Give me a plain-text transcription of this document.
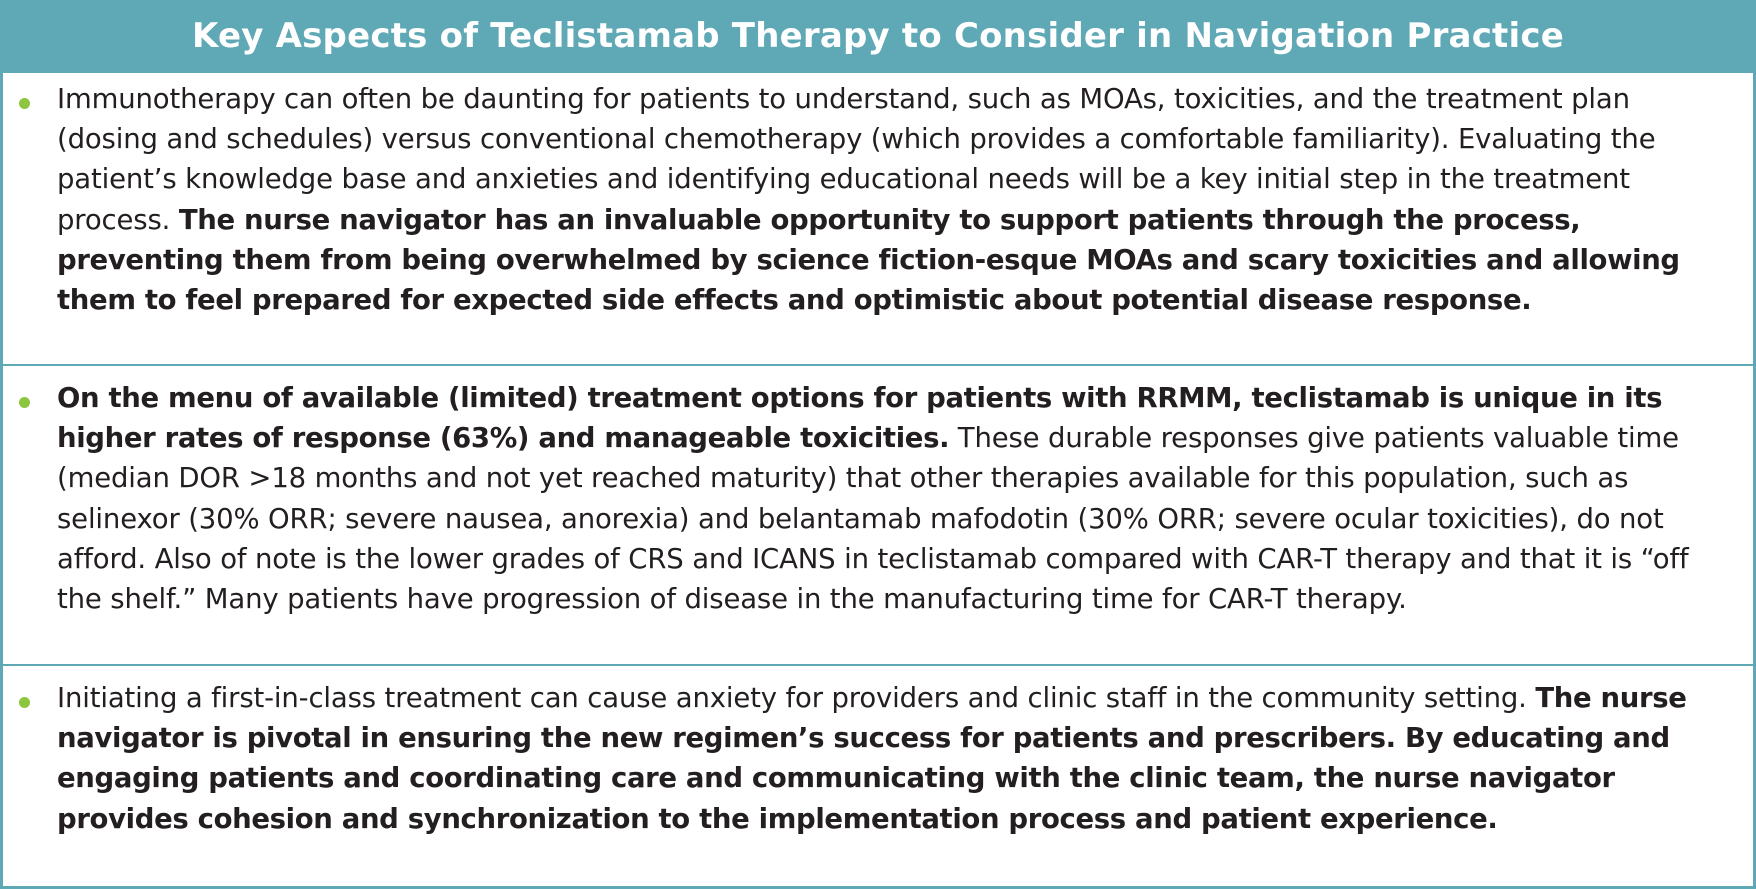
Key Aspects of Teclistamab Therapy to Consider in Navigation Practice
Immunotherapy can often be daunting for patients to understand, such as MOAs, toxicities, and the treatment plan (dosing and schedules) versus conventional chemotherapy (which provides a comfortable familiarity). Evaluating the patient’s knowledge base and anxieties and identifying educational needs will be a key initial step in the treatment process. The nurse navigator has an invaluable opportunity to support patients through the process, preventing them from being overwhelmed by science fiction-esque MOAs and scary toxicities and allowing them to feel prepared for expected side effects and optimistic about potential disease response.
On the menu of available (limited) treatment options for patients with RRMM, teclistamab is unique in its higher rates of response (63%) and manageable toxicities. These durable responses give patients valuable time (median DOR >18 months and not yet reached maturity) that other therapies available for this population, such as selinexor (30% ORR; severe nausea, anorexia) and belantamab mafodotin (30% ORR; severe ocular toxicities), do not afford. Also of note is the lower grades of CRS and ICANS in teclistamab compared with CAR-T therapy and that it is “off the shelf.” Many patients have progression of disease in the manufacturing time for CAR-T therapy.
Initiating a first-in-class treatment can cause anxiety for providers and clinic staff in the community setting. The nurse navigator is pivotal in ensuring the new regimen’s success for patients and prescribers. By educating and engaging patients and coordinating care and communicating with the clinic team, the nurse navigator provides cohesion and synchronization to the implementation process and patient experience.
